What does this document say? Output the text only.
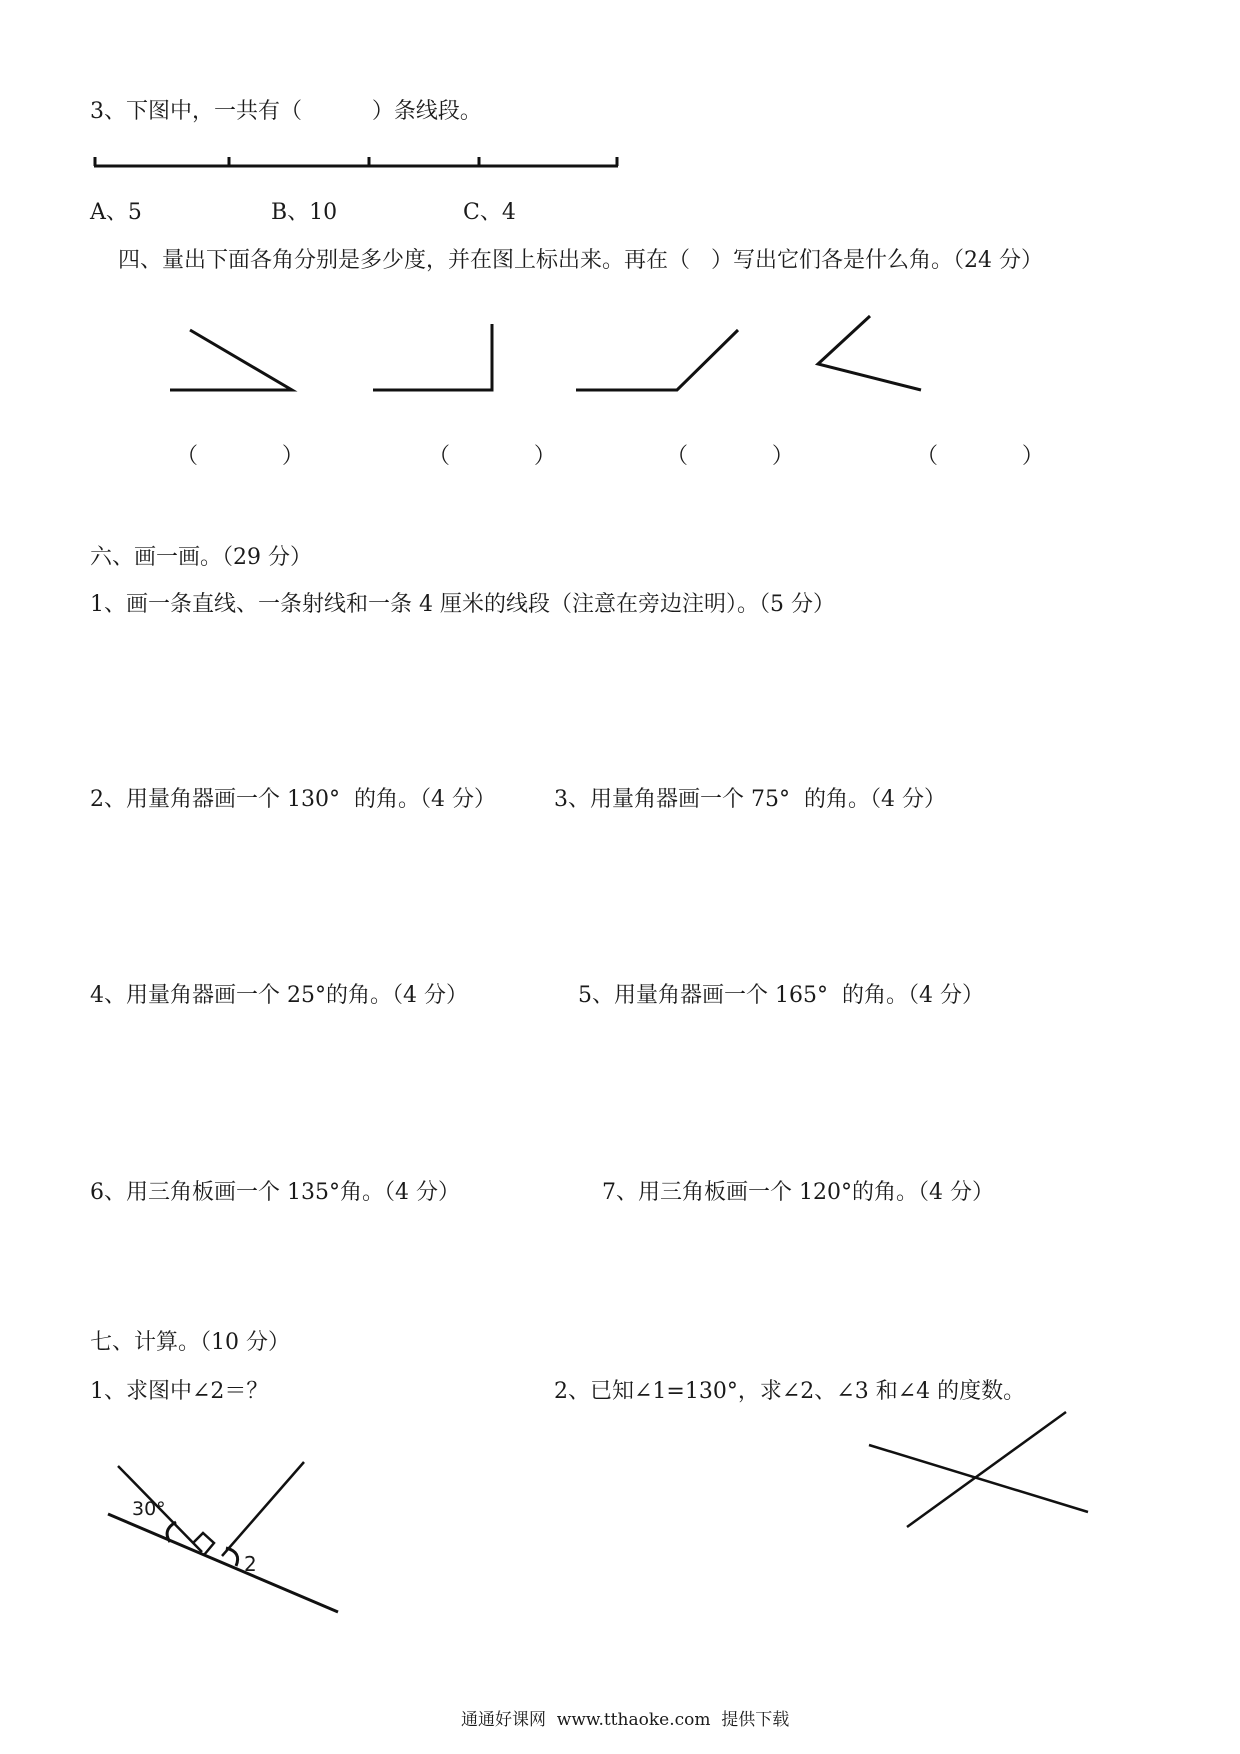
3、下图中，一共有（          ）条线段。
A、5	B、10	C、4
四、量出下面各角分别是多少度，并在图上标出来。再在（   ）写出它们各是什么角。（24 分）
（            ）	（            ）	（            ）	（            ）
六、画一画。（29 分）
1、画一条直线、一条射线和一条 4 厘米的线段（注意在旁边注明）。（5 分）
2、用量角器画一个 130°  的角。（4 分）	3、用量角器画一个 75°  的角。（4 分）
4、用量角器画一个 25°的角。（4 分）	5、用量角器画一个 165°  的角。（4 分）
6、用三角板画一个 135°角。（4 分）	7、用三角板画一个 120°的角。（4 分）
七、计算。（10 分）
1、求图中∠2＝？	2、已知∠1=130°，求∠2、∠3 和∠4 的度数。
30°
2
通通好课网  www.tthaoke.com  提供下载
